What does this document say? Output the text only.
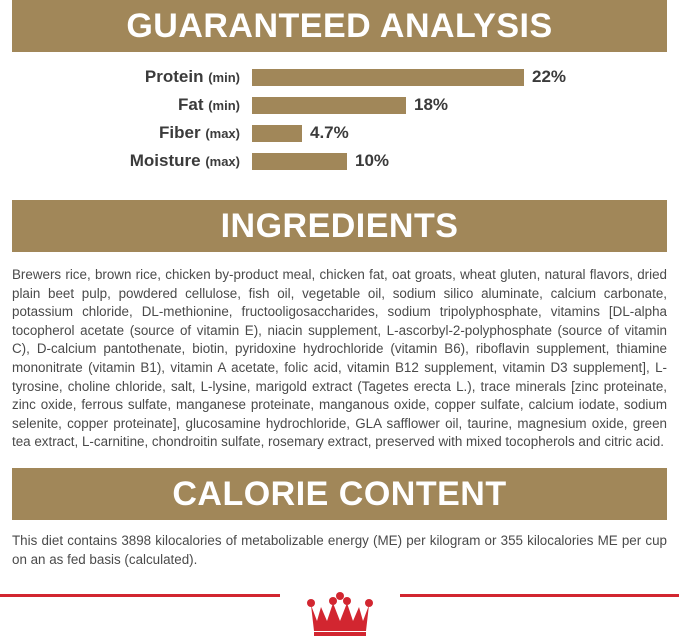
GUARANTEED ANALYSIS
Protein (min)	22%
Fat (min)	18%
Fiber (max)	4.7%
Moisture (max)	10%
INGREDIENTS
Brewers rice, brown rice, chicken by-product meal, chicken fat, oat groats, wheat gluten, natural flavors, dried plain beet pulp, powdered cellulose, fish oil, vegetable oil, sodium silico aluminate, calcium carbonate, potassium chloride, DL-methionine, fructooligosaccharides, sodium tripolyphosphate, vitamins [DL-alpha tocopherol acetate (source of vitamin E), niacin supplement, L-ascorbyl-2-polyphosphate (source of vitamin C), D-calcium pantothenate, biotin, pyridoxine hydrochloride (vitamin B6), riboflavin supplement, thiamine mononitrate (vitamin B1), vitamin A acetate, folic acid, vitamin B12 supplement, vitamin D3 supplement], L-tyrosine, choline chloride, salt, L-lysine, marigold extract (Tagetes erecta L.), trace minerals [zinc proteinate, zinc oxide, ferrous sulfate, manganese proteinate, manganous oxide, copper sulfate, calcium iodate, sodium selenite, copper proteinate], glucosamine hydrochloride, GLA safflower oil, taurine, magnesium oxide, green tea extract, L-carnitine, chondroitin sulfate, rosemary extract, preserved with mixed tocopherols and citric acid.
CALORIE CONTENT
This diet contains 3898 kilocalories of metabolizable energy (ME) per kilogram or 355 kilocalories ME per cup on an as fed basis (calculated).
